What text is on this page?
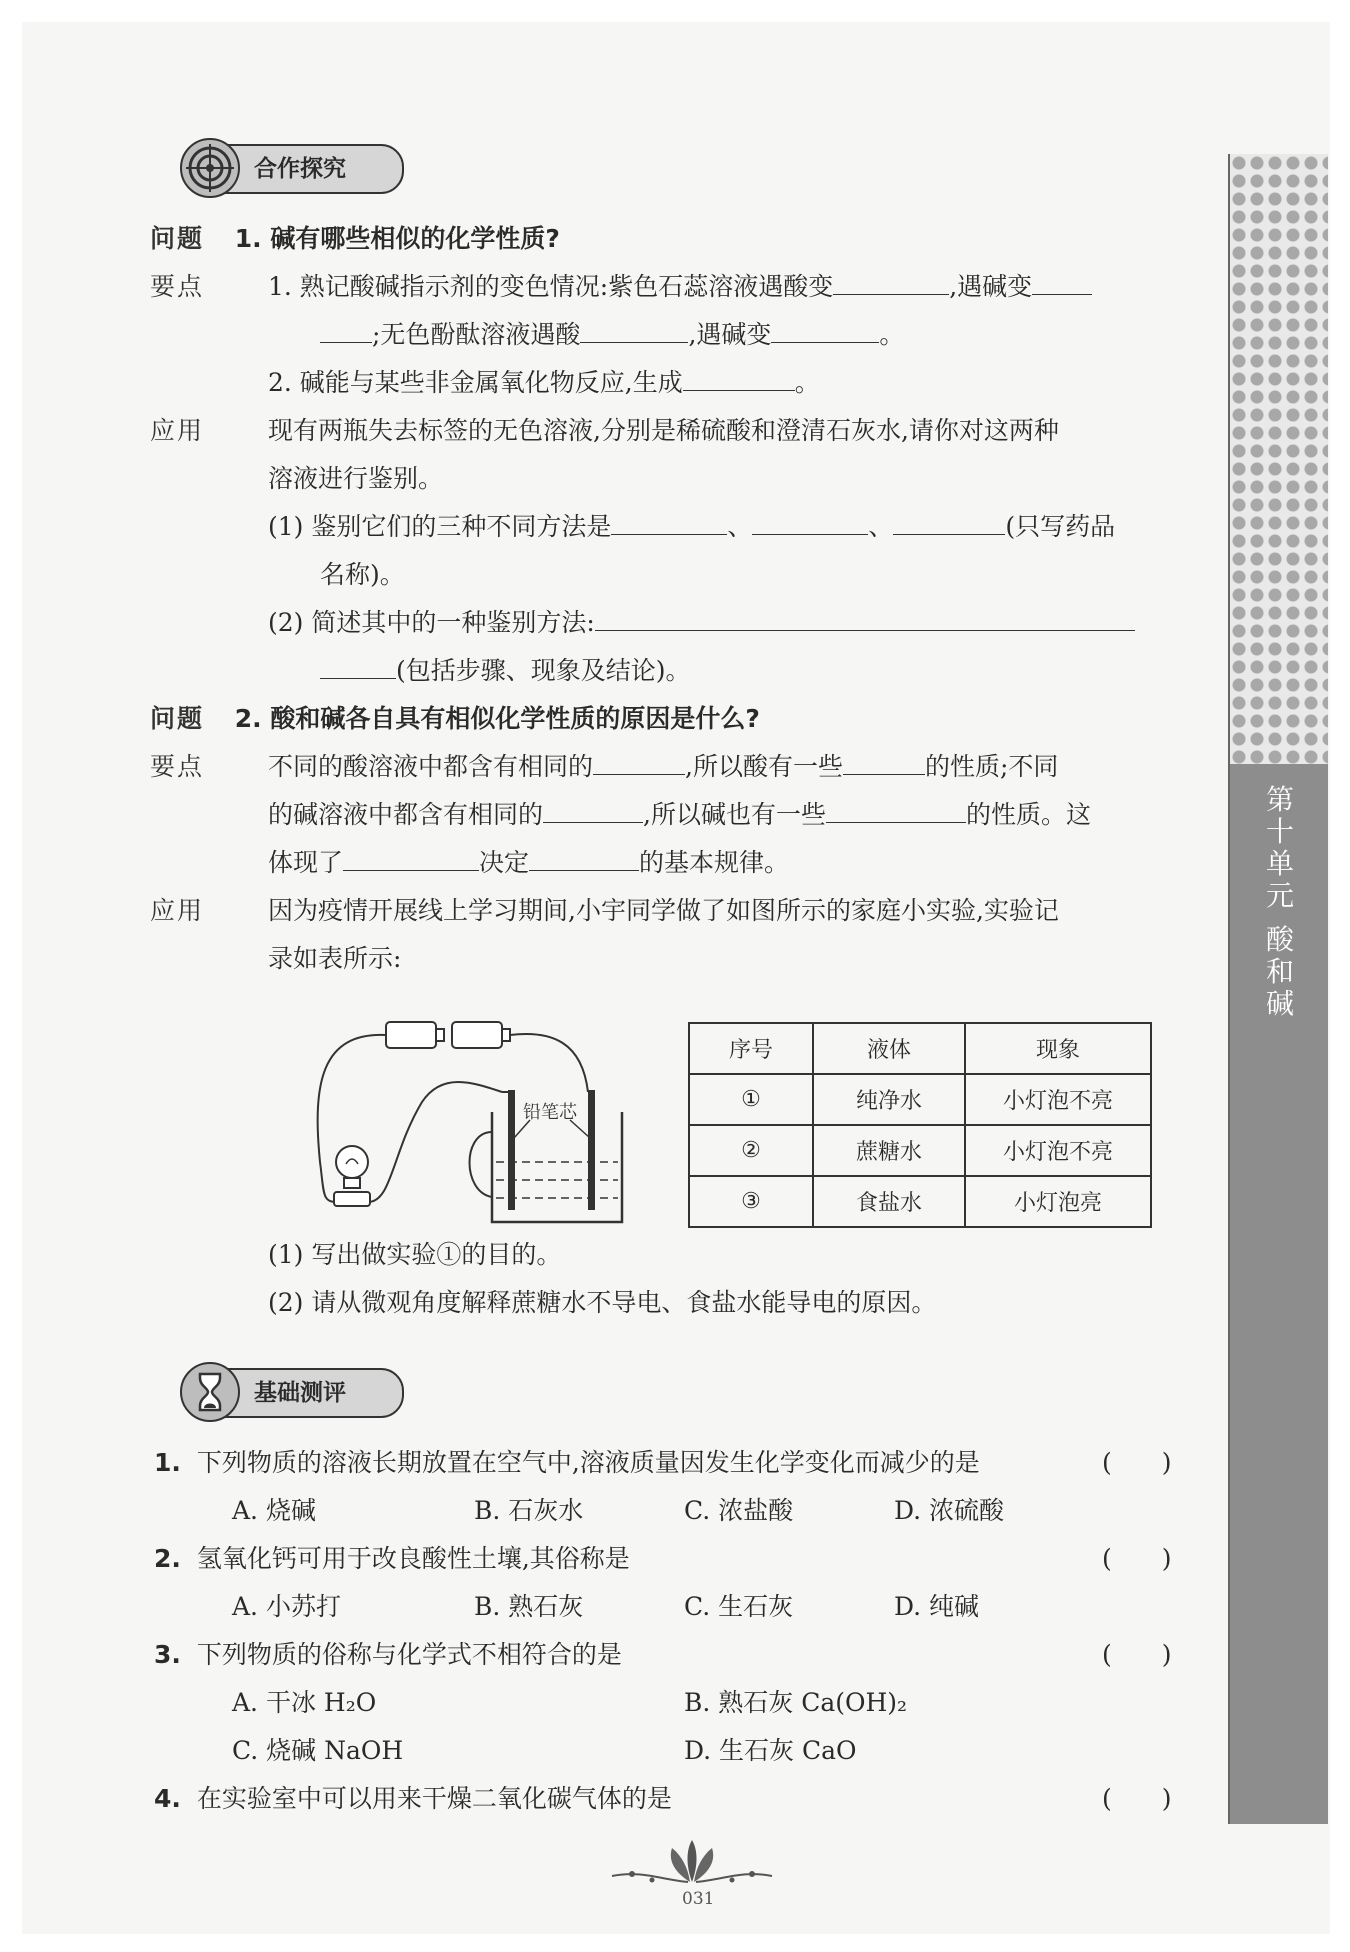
第十单元
酸和碱
合作探究
问题 1. 碱有哪些相似的化学性质?
要点	1. 熟记酸碱指示剂的变色情况:紫色石蕊溶液遇酸变	,遇碱变
;无色酚酞溶液遇酸	,遇碱变	。
2. 碱能与某些非金属氧化物反应,生成	。
应用	现有两瓶失去标签的无色溶液,分别是稀硫酸和澄清石灰水,请你对这两种
溶液进行鉴别。
(1) 鉴别它们的三种不同方法是	、	、	(只写药品
名称)。
(2) 简述其中的一种鉴别方法:
(包括步骤、现象及结论)。
问题 2. 酸和碱各自具有相似化学性质的原因是什么?
要点	不同的酸溶液中都含有相同的	,所以酸有一些	的性质;不同
的碱溶液中都含有相同的	,所以碱也有一些	的性质。这
体现了	决定	的基本规律。
应用	因为疫情开展线上学习期间,小宇同学做了如图所示的家庭小实验,实验记
录如表所示:
铅笔芯
序号	液体	现象
①	纯净水	小灯泡不亮
②	蔗糖水	小灯泡不亮
③	食盐水	小灯泡亮
(1) 写出做实验①的目的。
(2) 请从微观角度解释蔗糖水不导电、食盐水能导电的原因。
基础测评
1. 下列物质的溶液长期放置在空气中,溶液质量因发生化学变化而减少的是	(　　)
A. 烧碱	B. 石灰水	C. 浓盐酸	D. 浓硫酸
2. 氢氧化钙可用于改良酸性土壤,其俗称是	(　　)
A. 小苏打	B. 熟石灰	C. 生石灰	D. 纯碱
3. 下列物质的俗称与化学式不相符合的是	(　　)
A. 干冰 H₂O	B. 熟石灰 Ca(OH)₂
C. 烧碱 NaOH	D. 生石灰 CaO
4. 在实验室中可以用来干燥二氧化碳气体的是	(　　)
031
